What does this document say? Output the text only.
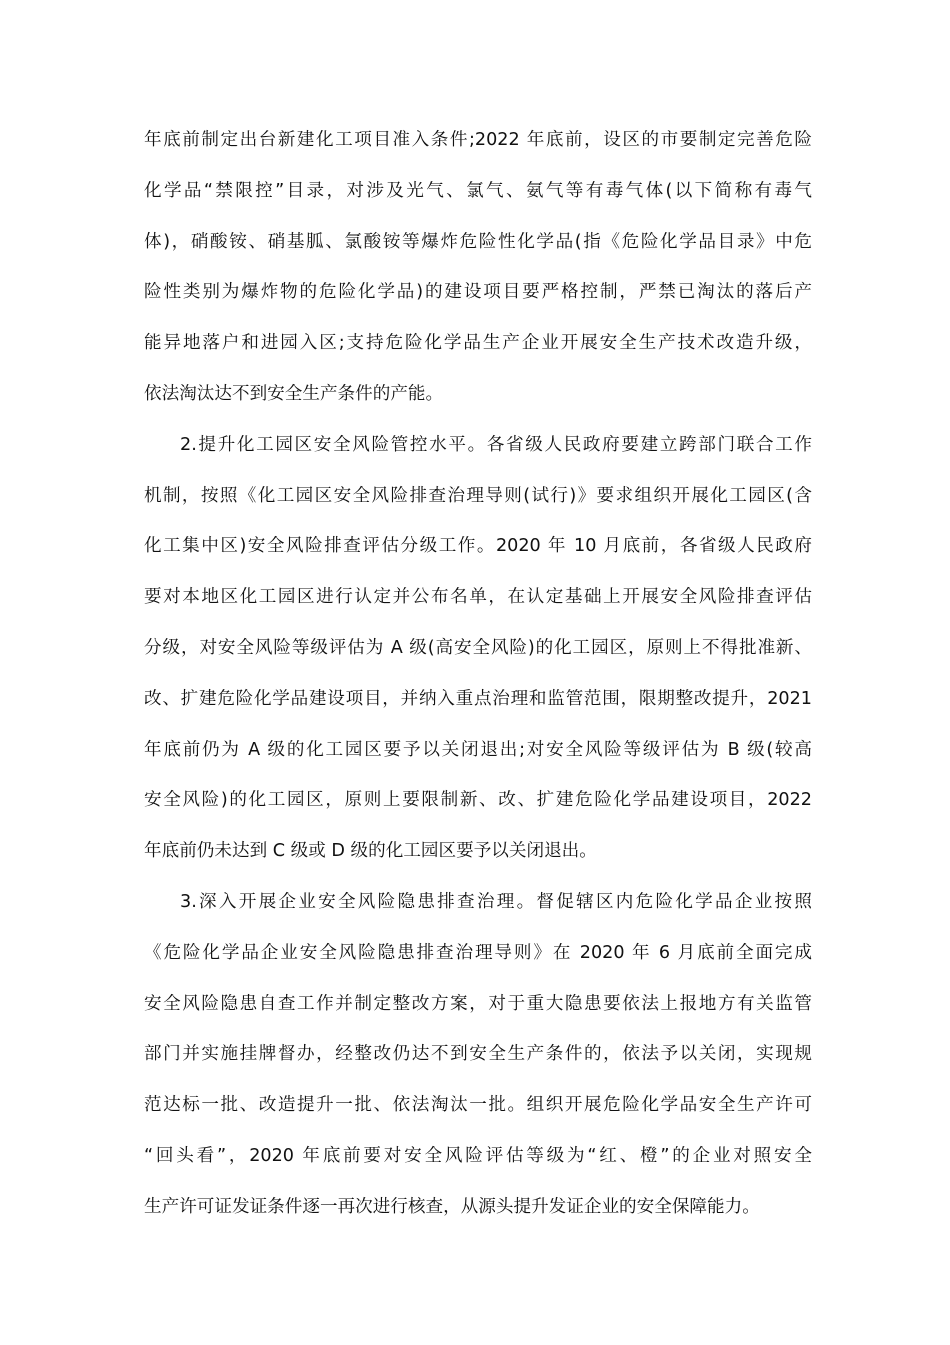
年底前制定出台新建化工项目准入条件;2022 年底前，设区的市要制定完善危险
化学品“禁限控”目录，对涉及光气、氯气、氨气等有毒气体(以下简称有毒气
体)，硝酸铵、硝基胍、氯酸铵等爆炸危险性化学品(指《危险化学品目录》中危
险性类别为爆炸物的危险化学品)的建设项目要严格控制，严禁已淘汰的落后产
能异地落户和进园入区;支持危险化学品生产企业开展安全生产技术改造升级，
依法淘汰达不到安全生产条件的产能。
2.提升化工园区安全风险管控水平。各省级人民政府要建立跨部门联合工作
机制，按照《化工园区安全风险排查治理导则(试行)》要求组织开展化工园区(含
化工集中区)安全风险排查评估分级工作。2020 年 10 月底前，各省级人民政府
要对本地区化工园区进行认定并公布名单，在认定基础上开展安全风险排查评估
分级，对安全风险等级评估为 A 级(高安全风险)的化工园区，原则上不得批准新、
改、扩建危险化学品建设项目，并纳入重点治理和监管范围，限期整改提升，2021
年底前仍为 A 级的化工园区要予以关闭退出;对安全风险等级评估为 B 级(较高
安全风险)的化工园区，原则上要限制新、改、扩建危险化学品建设项目，2022
年底前仍未达到 C 级或 D 级的化工园区要予以关闭退出。
3.深入开展企业安全风险隐患排查治理。督促辖区内危险化学品企业按照
《危险化学品企业安全风险隐患排查治理导则》在 2020 年 6 月底前全面完成
安全风险隐患自查工作并制定整改方案，对于重大隐患要依法上报地方有关监管
部门并实施挂牌督办，经整改仍达不到安全生产条件的，依法予以关闭，实现规
范达标一批、改造提升一批、依法淘汰一批。组织开展危险化学品安全生产许可
“回头看”，2020 年底前要对安全风险评估等级为“红、橙”的企业对照安全
生产许可证发证条件逐一再次进行核查，从源头提升发证企业的安全保障能力。
